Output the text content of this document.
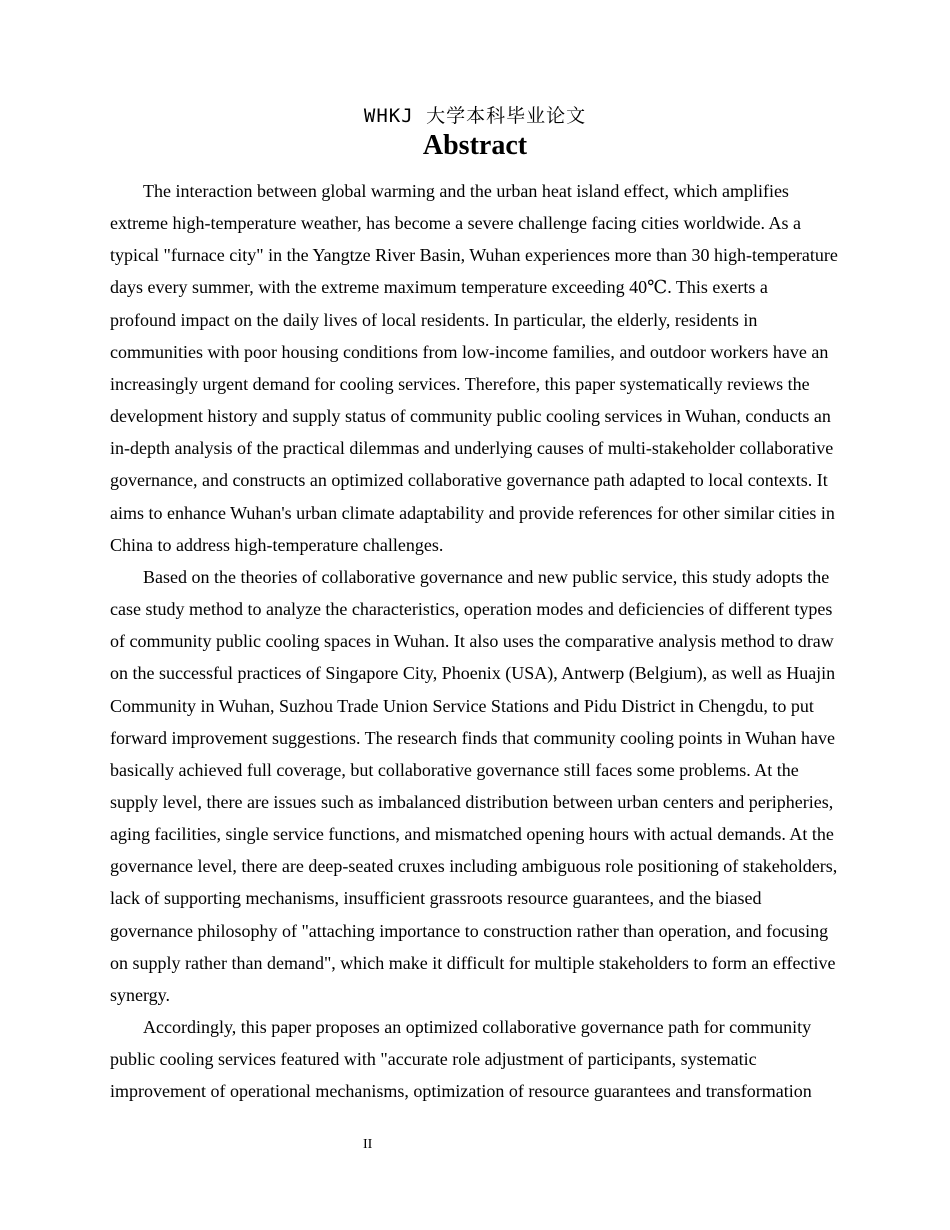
WHKJ 大学本科毕业论文
Abstract

The interaction between global warming and the urban heat island effect, which amplifies extreme high-temperature weather, has become a severe challenge facing cities worldwide. As a typical "furnace city" in the Yangtze River Basin, Wuhan experiences more than 30 high-temperature days every summer, with the extreme maximum temperature exceeding 40℃. This exerts a profound impact on the daily lives of local residents. In particular, the elderly, residents in communities with poor housing conditions from low-income families, and outdoor workers have an increasingly urgent demand for cooling services. Therefore, this paper systematically reviews the development history and supply status of community public cooling services in Wuhan, conducts an in-depth analysis of the practical dilemmas and underlying causes of multi-stakeholder collaborative governance, and constructs an optimized collaborative governance path adapted to local contexts. It aims to enhance Wuhan's urban climate adaptability and provide references for other similar cities in China to address high-temperature challenges.

Based on the theories of collaborative governance and new public service, this study adopts the case study method to analyze the characteristics, operation modes and deficiencies of different types of community public cooling spaces in Wuhan. It also uses the comparative analysis method to draw on the successful practices of Singapore City, Phoenix (USA), Antwerp (Belgium), as well as Huajin Community in Wuhan, Suzhou Trade Union Service Stations and Pidu District in Chengdu, to put forward improvement suggestions. The research finds that community cooling points in Wuhan have basically achieved full coverage, but collaborative governance still faces some problems. At the supply level, there are issues such as imbalanced distribution between urban centers and peripheries, aging facilities, single service functions, and mismatched opening hours with actual demands. At the governance level, there are deep-seated cruxes including ambiguous role positioning of stakeholders, lack of supporting mechanisms, insufficient grassroots resource guarantees, and the biased governance philosophy of "attaching importance to construction rather than operation, and focusing on supply rather than demand", which make it difficult for multiple stakeholders to form an effective synergy.

Accordingly, this paper proposes an optimized collaborative governance path for community public cooling services featured with "accurate role adjustment of participants, systematic improvement of operational mechanisms, optimization of resource guarantees and transformation

II
